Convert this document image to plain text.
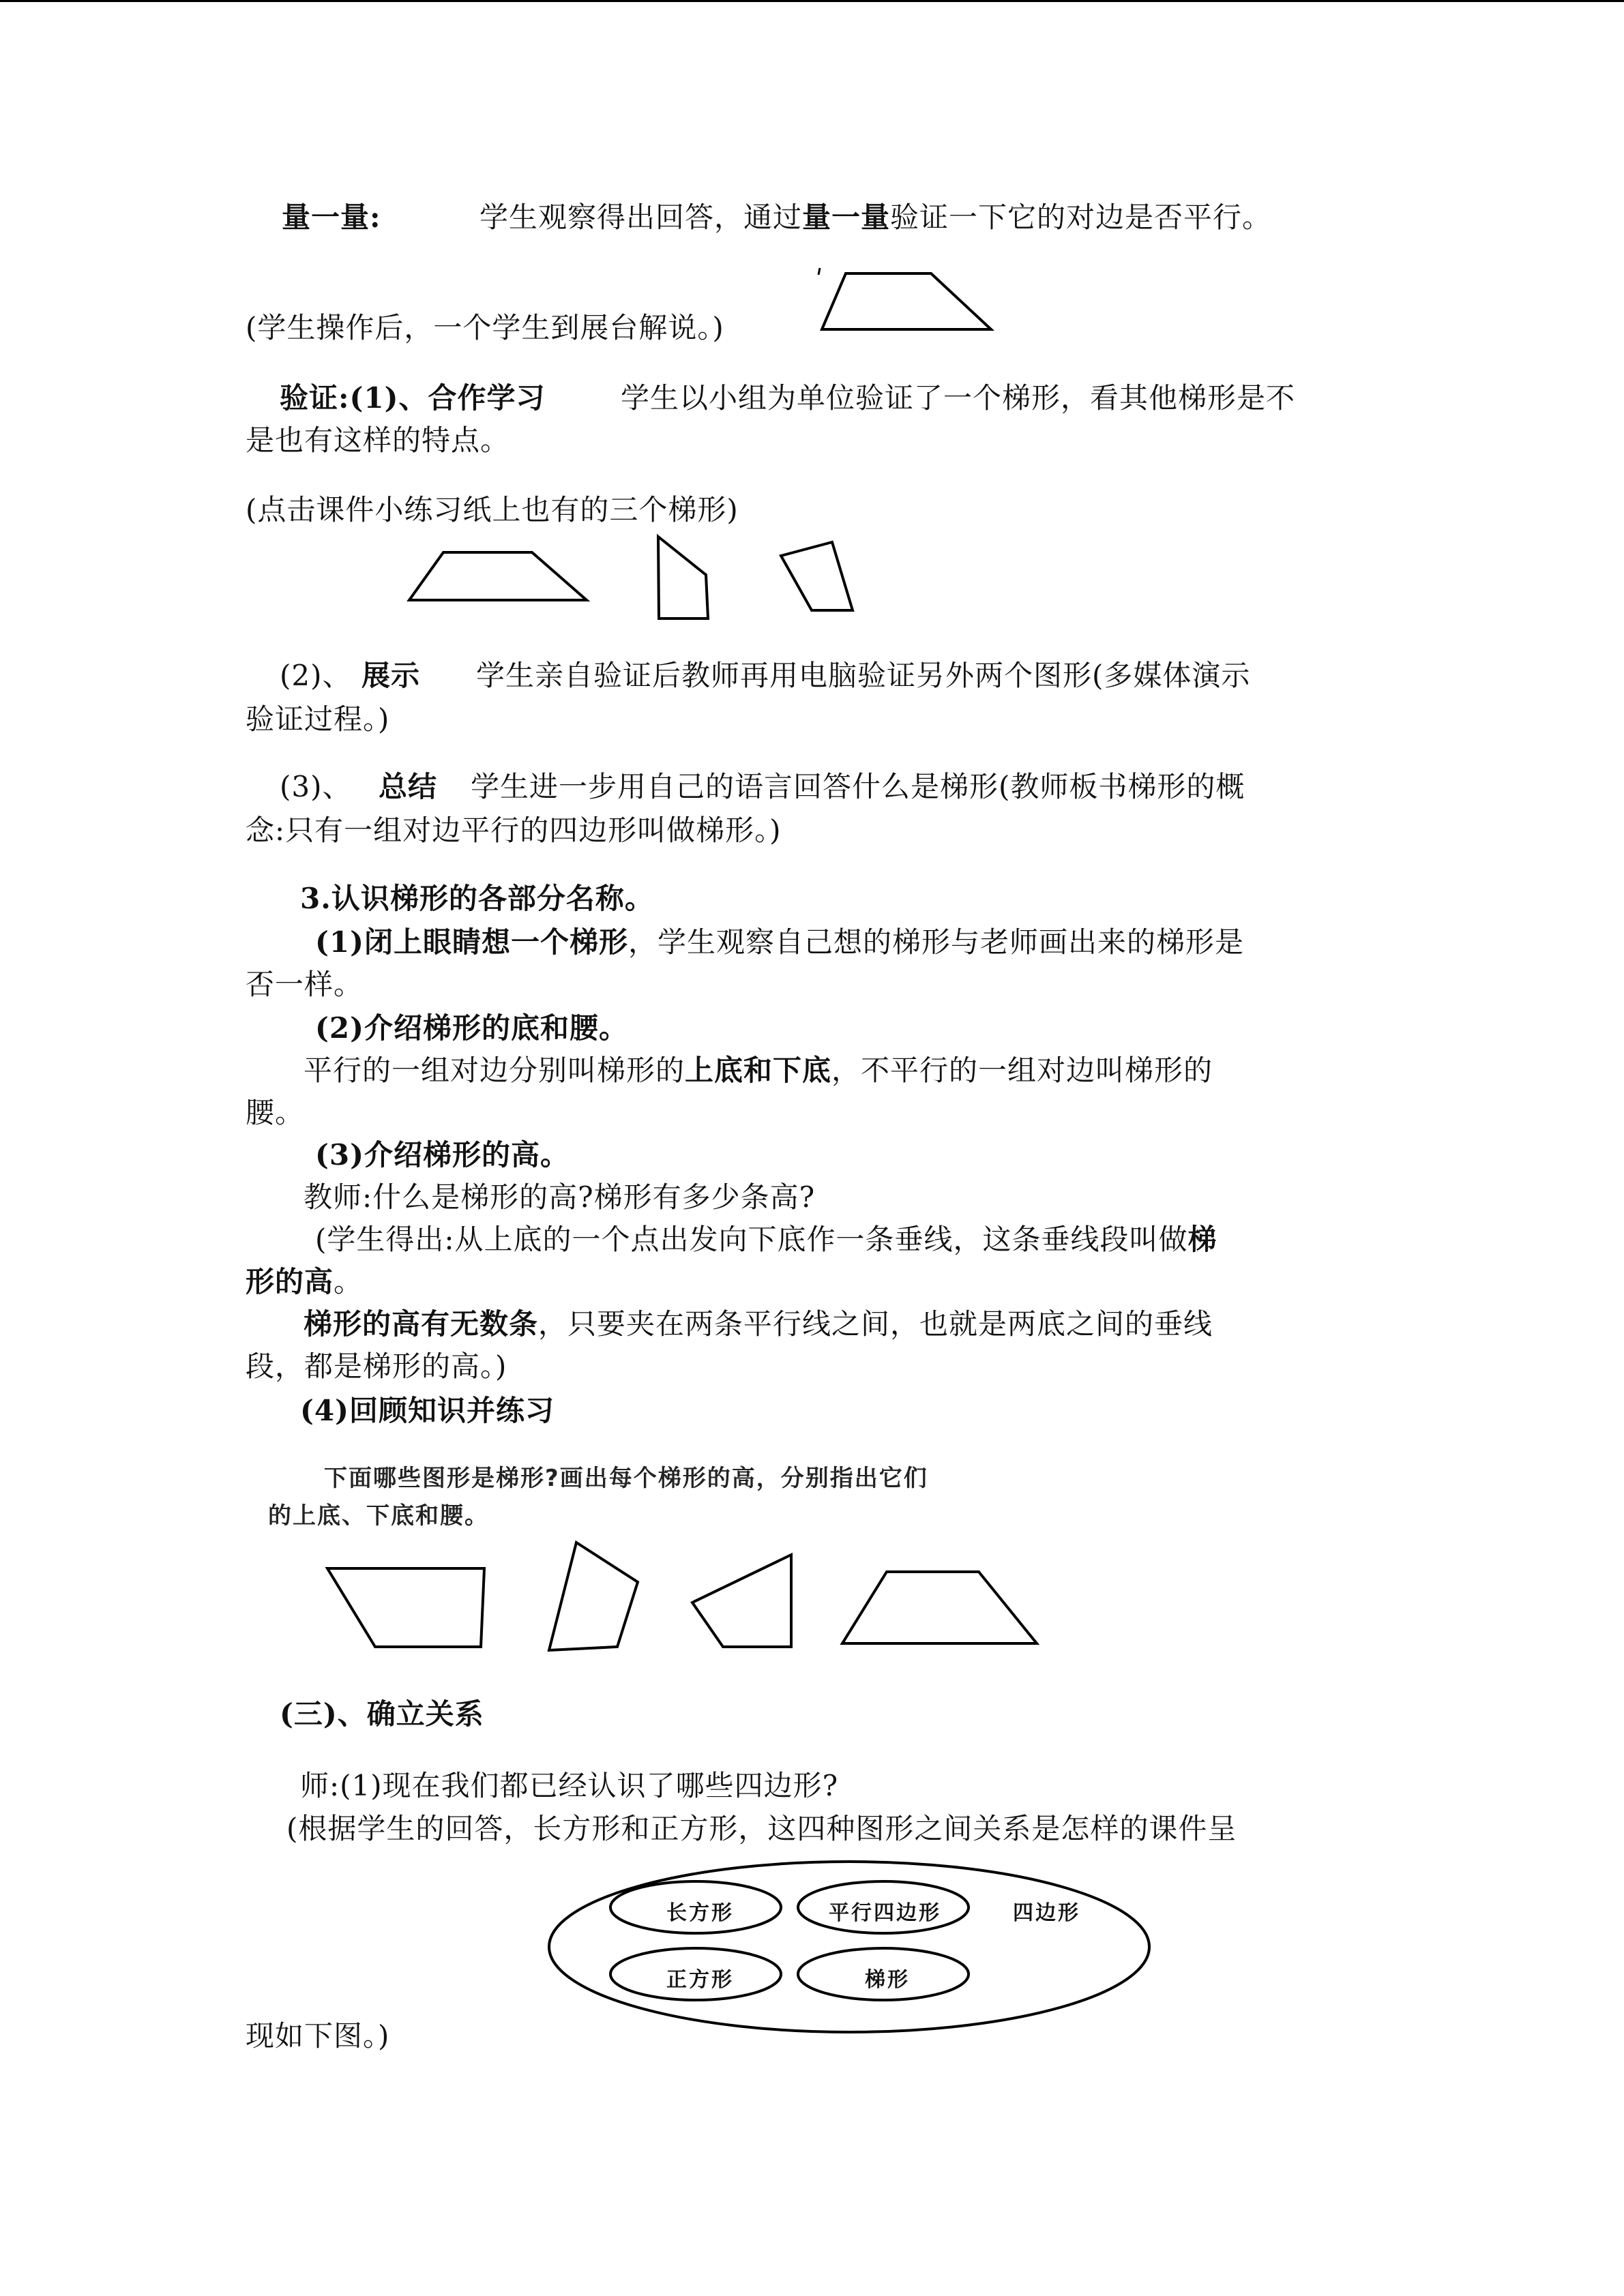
量一量:	学生观察得出回答，通过量一量验证一下它的对边是否平行。
(学生操作后，一个学生到展台解说。)
验证:(1)、合作学习	学生以小组为单位验证了一个梯形，看其他梯形是不
是也有这样的特点。
(点击课件小练习纸上也有的三个梯形)
(2)、 展示 学生亲自验证后教师再用电脑验证另外两个图形(多媒体演示
验证过程。)
(3)、 总结 学生进一步用自己的语言回答什么是梯形(教师板书梯形的概
念:只有一组对边平行的四边形叫做梯形。)
3.认识梯形的各部分名称。
(1)闭上眼睛想一个梯形，学生观察自己想的梯形与老师画出来的梯形是
否一样。
(2)介绍梯形的底和腰。
平行的一组对边分别叫梯形的上底和下底，不平行的一组对边叫梯形的
腰。
(3)介绍梯形的高。
教师:什么是梯形的高?梯形有多少条高?
(学生得出:从上底的一个点出发向下底作一条垂线，这条垂线段叫做梯
形的高。
梯形的高有无数条，只要夹在两条平行线之间，也就是两底之间的垂线
段，都是梯形的高。)
(4)回顾知识并练习
下面哪些图形是梯形?画出每个梯形的高，分别指出它们
的上底、下底和腰。
(三)、确立关系
师:(1)现在我们都已经认识了哪些四边形?
(根据学生的回答，长方形和正方形，这四种图形之间关系是怎样的课件呈
长方形	平行四边形	四边形
正方形	梯形
现如下图。)
